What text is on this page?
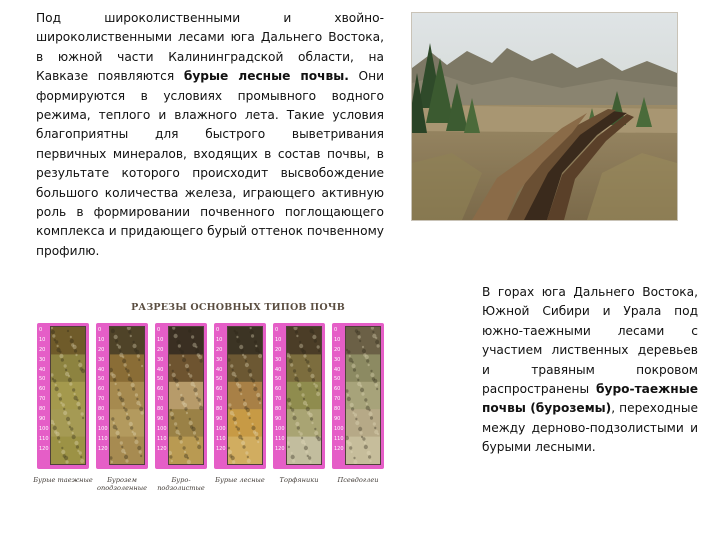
Под широколиственными и хвойно-широколиственными лесами юга Дальнего Востока, в южной части Калининградской области, на Кавказе появляются бурые лесные почвы. Они формируются в условиях промывного водного режима, теплого и влажного лета. Такие условия благоприятны для быстрого выветривания первичных минералов, входящих в состав почвы, в результате которого происходит высвобождение большого количества железа, играющего активную роль в формировании почвенного поглощающего комплекса и придающего бурый оттенок почвенному профилю.
РАЗРЕЗЫ ОСНОВНЫХ ТИПОВ ПОЧВ
0
10
20
30
40
50
60
70
80
90
100
110
120
Бурые таежные
0
10
20
30
40
50
60
70
80
90
100
110
120
Бурозем оподзоленные
0
10
20
30
40
50
60
70
80
90
100
110
120
Буро-подзолистые
0
10
20
30
40
50
60
70
80
90
100
110
120
Бурые лесные
0
10
20
30
40
50
60
70
80
90
100
110
120
Торфяники
0
10
20
30
40
50
60
70
80
90
100
110
120
Псевдоглеи
В горах юга Дальнего Востока, Южной Сибири и Урала под южно-таежными лесами с участием лиственных деревьев и травяным покровом распространены буро-таежные почвы (буроземы), переходные между дерново-подзолистыми и бурыми лесными.
